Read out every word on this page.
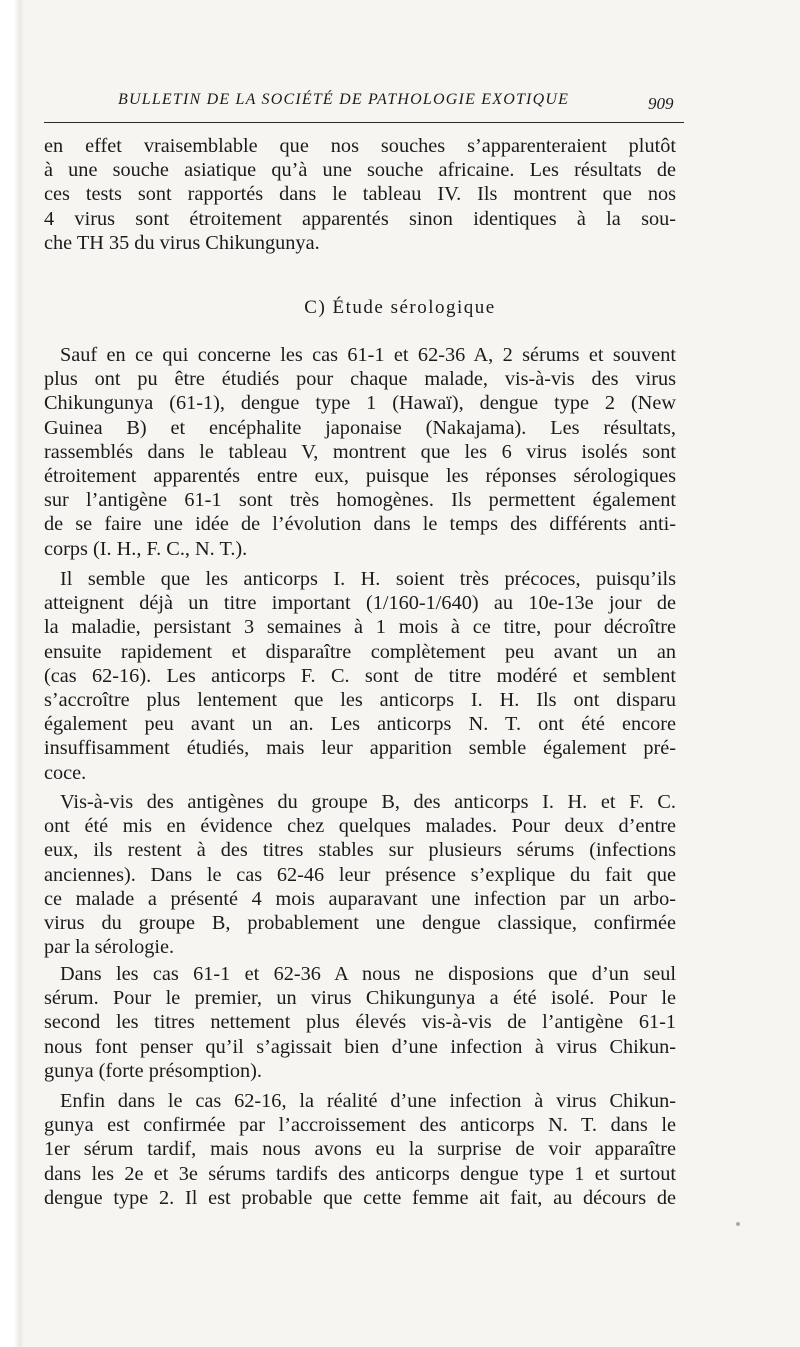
BULLETIN DE LA SOCIÉTÉ DE PATHOLOGIE EXOTIQUE	909
en effet vraisemblable que nos souches s’apparenteraient plutôt
à une souche asiatique qu’à une souche africaine. Les résultats de
ces tests sont rapportés dans le tableau IV. Ils montrent que nos
4 virus sont étroitement apparentés sinon identiques à la sou-
che TH 35 du virus Chikungunya.
C) Étude sérologique
Sauf en ce qui concerne les cas 61-1 et 62-36 A, 2 sérums et souvent
plus ont pu être étudiés pour chaque malade, vis-à-vis des virus
Chikungunya (61-1), dengue type 1 (Hawaï), dengue type 2 (New
Guinea B) et encéphalite japonaise (Nakajama). Les résultats,
rassemblés dans le tableau V, montrent que les 6 virus isolés sont
étroitement apparentés entre eux, puisque les réponses sérologiques
sur l’antigène 61-1 sont très homogènes. Ils permettent également
de se faire une idée de l’évolution dans le temps des différents anti-
corps (I. H., F. C., N. T.).
Il semble que les anticorps I. H. soient très précoces, puisqu’ils
atteignent déjà un titre important (1/160-1/640) au 10e-13e jour de
la maladie, persistant 3 semaines à 1 mois à ce titre, pour décroître
ensuite rapidement et disparaître complètement peu avant un an
(cas 62-16). Les anticorps F. C. sont de titre modéré et semblent
s’accroître plus lentement que les anticorps I. H. Ils ont disparu
également peu avant un an. Les anticorps N. T. ont été encore
insuffisamment étudiés, mais leur apparition semble également pré-
coce.
Vis-à-vis des antigènes du groupe B, des anticorps I. H. et F. C.
ont été mis en évidence chez quelques malades. Pour deux d’entre
eux, ils restent à des titres stables sur plusieurs sérums (infections
anciennes). Dans le cas 62-46 leur présence s’explique du fait que
ce malade a présenté 4 mois auparavant une infection par un arbo-
virus du groupe B, probablement une dengue classique, confirmée
par la sérologie.
Dans les cas 61-1 et 62-36 A nous ne disposions que d’un seul
sérum. Pour le premier, un virus Chikungunya a été isolé. Pour le
second les titres nettement plus élevés vis-à-vis de l’antigène 61-1
nous font penser qu’il s’agissait bien d’une infection à virus Chikun-
gunya (forte présomption).
Enfin dans le cas 62-16, la réalité d’une infection à virus Chikun-
gunya est confirmée par l’accroissement des anticorps N. T. dans le
1er sérum tardif, mais nous avons eu la surprise de voir apparaître
dans les 2e et 3e sérums tardifs des anticorps dengue type 1 et surtout
dengue type 2. Il est probable que cette femme ait fait, au décours de
